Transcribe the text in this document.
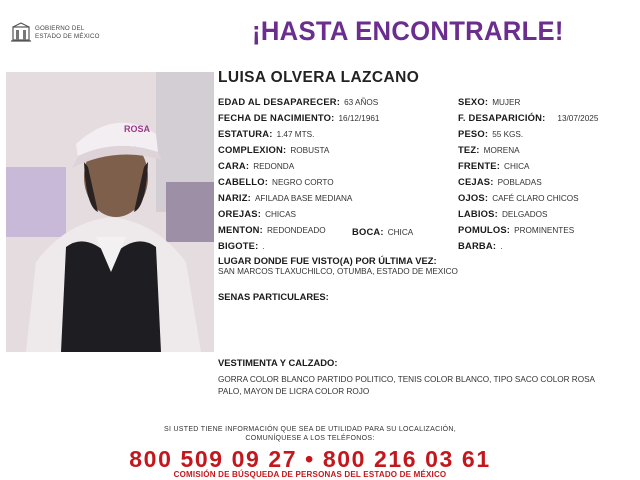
GOBIERNO DEL
ESTADO DE MÉXICO	¡HASTA ENCONTRARLE!
ROSA
LUISA OLVERA LAZCANO
EDAD AL DESAPARECER: 63 AÑOS
FECHA DE NACIMIENTO: 16/12/1961
ESTATURA: 1.47 MTS.
COMPLEXION: ROBUSTA
CARA: REDONDA
CABELLO: NEGRO CORTO
NARIZ: AFILADA BASE MEDIANA
OREJAS: CHICAS
MENTON: REDONDEADO	BOCA: CHICA
BIGOTE: .
SEXO: MUJER
F. DESAPARICIÓN: 13/07/2025
PESO: 55 KGS.
TEZ: MORENA
FRENTE: CHICA
CEJAS: POBLADAS
OJOS: CAFÉ CLARO CHICOS
LABIOS: DELGADOS
POMULOS: PROMINENTES
BARBA: .
LUGAR DONDE FUE VISTO(A) POR ÚLTIMA VEZ:
SAN MARCOS TLAXUCHILCO, OTUMBA, ESTADO DE MEXICO
SENAS PARTICULARES:
VESTIMENTA Y CALZADO:
GORRA COLOR BLANCO PARTIDO POLITICO, TENIS COLOR BLANCO, TIPO SACO COLOR ROSA PALO, MAYON DE LICRA COLOR ROJO
SI USTED TIENE INFORMACIÓN QUE SEA DE UTILIDAD PARA SU LOCALIZACIÓN,
COMUNÍQUESE A LOS TELÉFONOS:
800 509 09 27 • 800 216 03 61
COMISIÓN DE BÚSQUEDA DE PERSONAS DEL ESTADO DE MÉXICO
